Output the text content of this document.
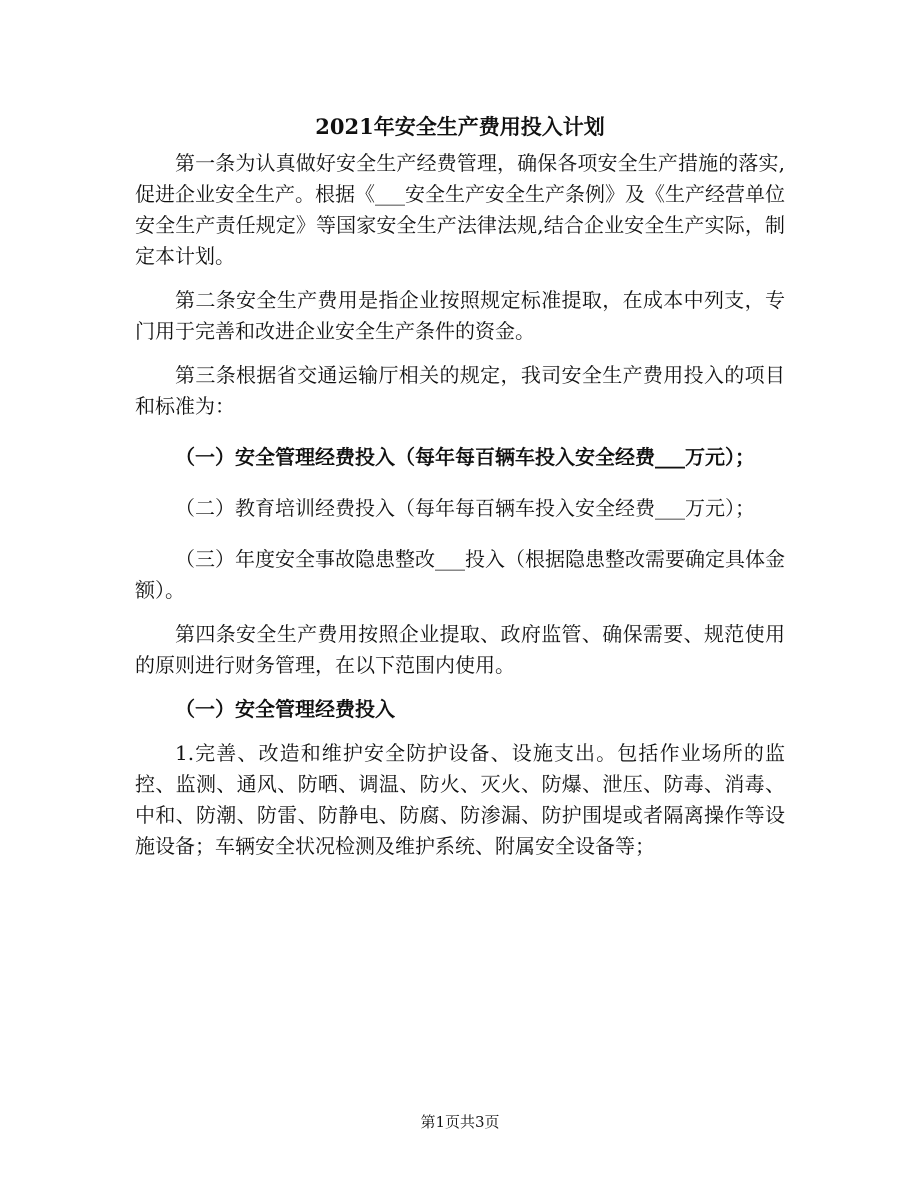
2021年安全生产费用投入计划

第一条为认真做好安全生产经费管理，确保各项安全生产措施的落实,促进企业安全生产。根据《___安全生产安全生产条例》及《生产经营单位安全生产责任规定》等国家安全生产法律法规,结合企业安全生产实际，制定本计划。

第二条安全生产费用是指企业按照规定标准提取，在成本中列支，专门用于完善和改进企业安全生产条件的资金。

第三条根据省交通运输厅相关的规定，我司安全生产费用投入的项目和标准为：

（一）安全管理经费投入（每年每百辆车投入安全经费___万元）；

（二）教育培训经费投入（每年每百辆车投入安全经费___万元）；

（三）年度安全事故隐患整改___投入（根据隐患整改需要确定具体金额）。

第四条安全生产费用按照企业提取、政府监管、确保需要、规范使用的原则进行财务管理，在以下范围内使用。

（一）安全管理经费投入

1.完善、改造和维护安全防护设备、设施支出。包括作业场所的监控、监测、通风、防晒、调温、防火、灭火、防爆、泄压、防毒、消毒、中和、防潮、防雷、防静电、防腐、防渗漏、防护围堤或者隔离操作等设施设备；车辆安全状况检测及维护系统、附属安全设备等；

第1页共3页
